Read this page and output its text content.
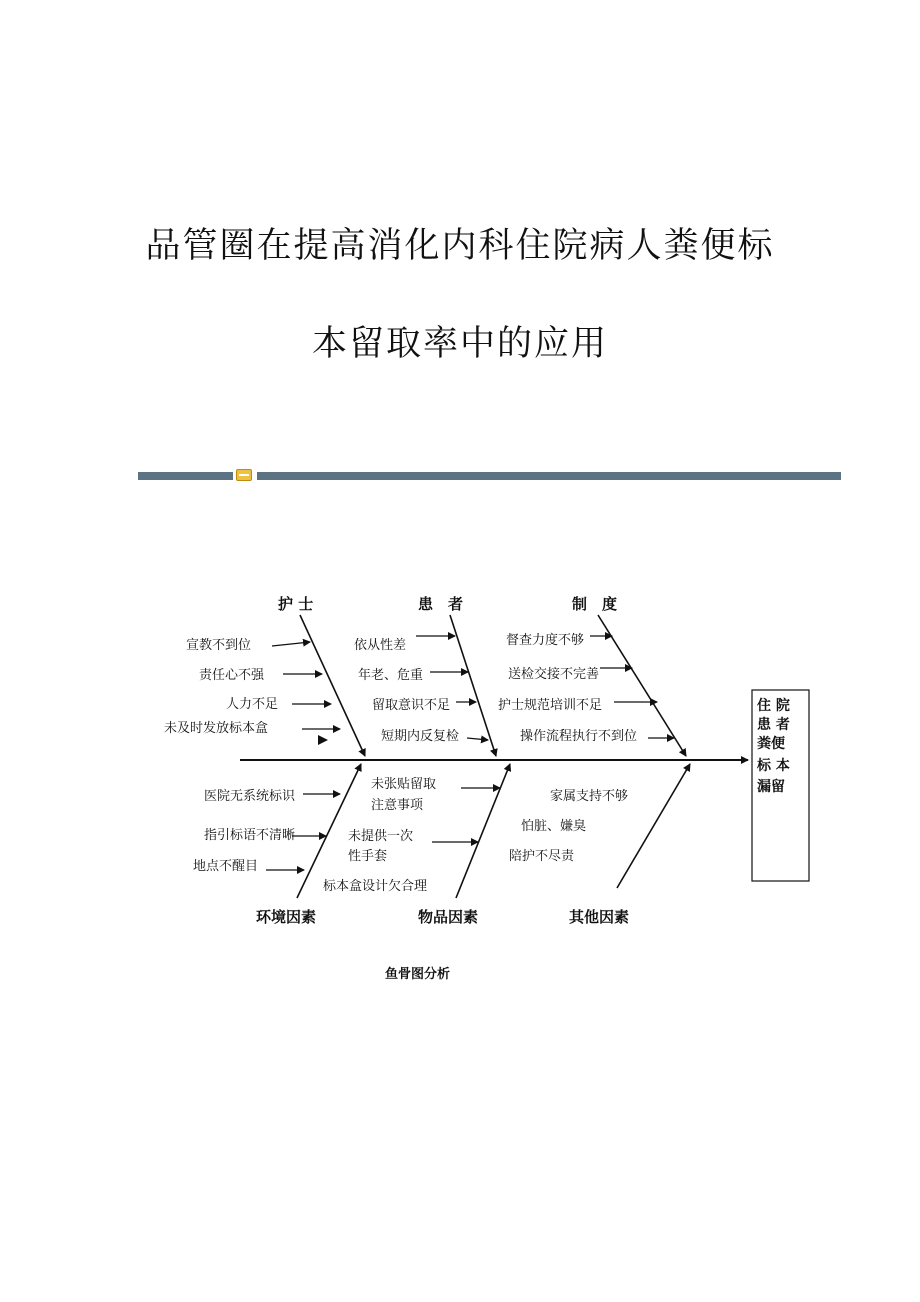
品管圈在提高消化内科住院病人粪便标
本留取率中的应用
住 院
患 者
粪便
标 本
漏留
护 士	患　者	制　度
环境因素	物品因素	其他因素
宣教不到位
责任心不强
人力不足
未及时发放标本盒
依从性差
年老、危重
留取意识不足
短期内反复检
督查力度不够
送检交接不完善
护士规范培训不足
操作流程执行不到位
医院无系统标识
指引标语不清晰
地点不醒目
未张贴留取
注意事项
未提供一次
性手套
标本盒设计欠合理
家属支持不够
怕脏、嫌臭
陪护不尽责
鱼骨图分析
